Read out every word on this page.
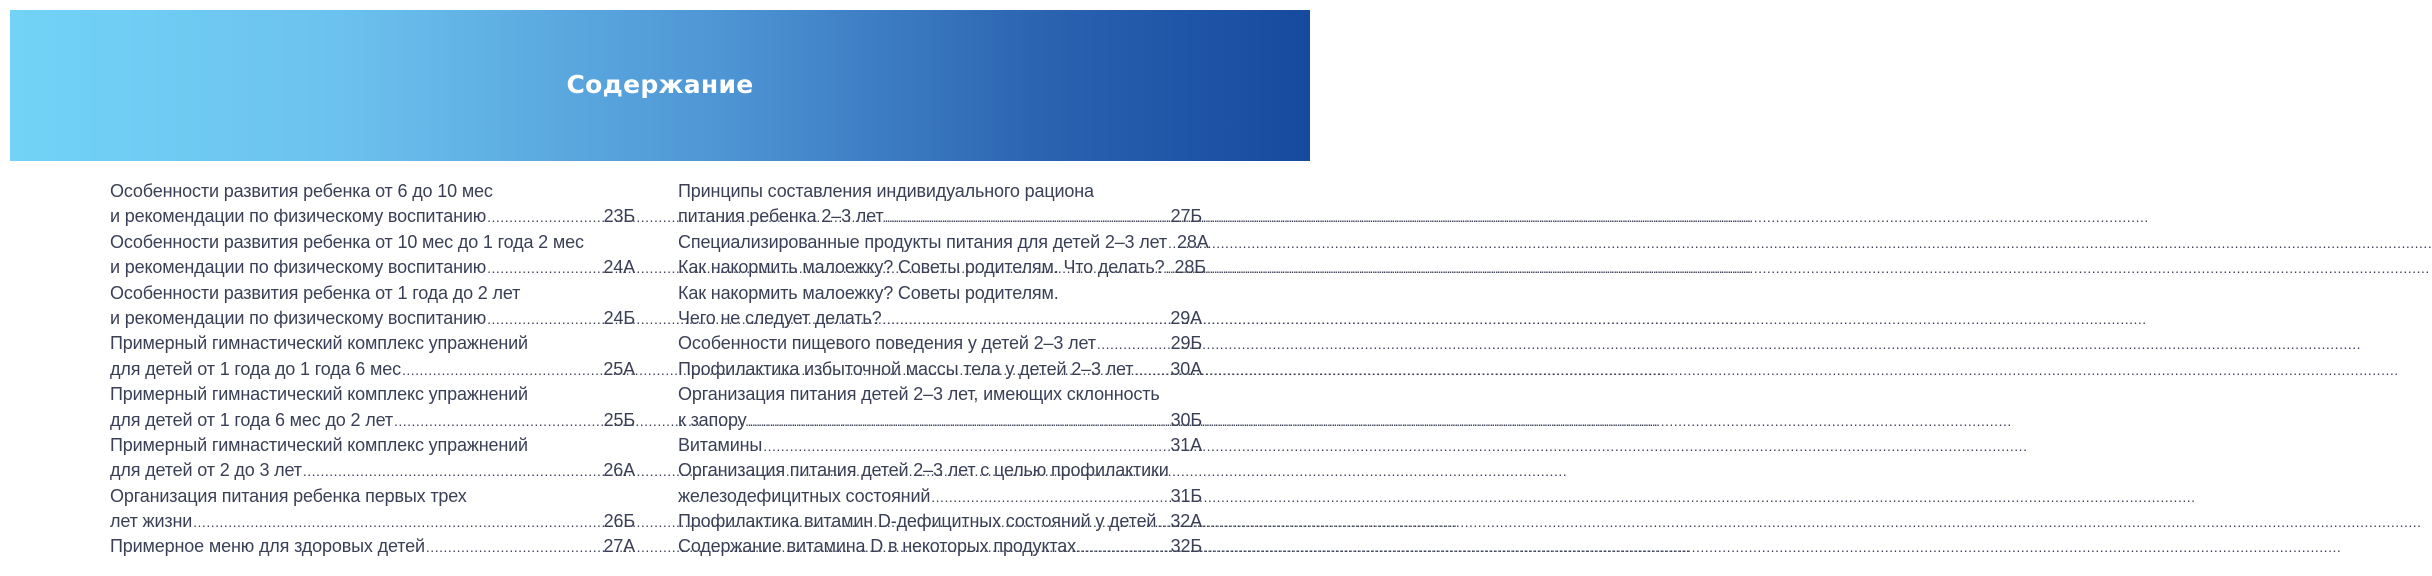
Содержание
Особенности развития ребенка от 6 до 10 мес
и рекомендации по физическому воспитанию .....	23Б
Особенности развития ребенка от 10 мес до 1 года 2 мес
и рекомендации по физическому воспитанию .....	24А
Особенности развития ребенка от 1 года до 2 лет
и рекомендации по физическому воспитанию .....	24Б
Примерный гимнастический комплекс упражнений
для детей от 1 года до 1 года 6 мес .....	25А
Примерный гимнастический комплекс упражнений
для детей от 1 года 6 мес до 2 лет .....	25Б
Примерный гимнастический комплекс упражнений
для детей от 2 до 3 лет .....	26А
Организация питания ребенка первых трех
лет жизни .....	26Б
Примерное меню для здоровых детей .....	27А
Принципы составления индивидуального рациона
питания ребенка 2–3 лет .....	27Б
Специализированные продукты питания для детей 2–3 лет ..... 28А
Как накормить малоежку? Советы родителям. Что делать? ..... 28Б
Как накормить малоежку? Советы родителям.
Чего не следует делать? .....	29А
Особенности пищевого поведения у детей 2–3 лет .....	29Б
Профилактика избыточной массы тела у детей 2–3 лет ..... 30А
Организация питания детей 2–3 лет, имеющих склонность
к запору .....	30Б
Витамины .....	31А
Организация питания детей 2–3 лет с целью профилактики
железодефицитных состояний .....	31Б
Профилактика витамин D-дефицитных состояний у детей ..... 32А
Содержание витамина D в некоторых продуктах .....	32Б
